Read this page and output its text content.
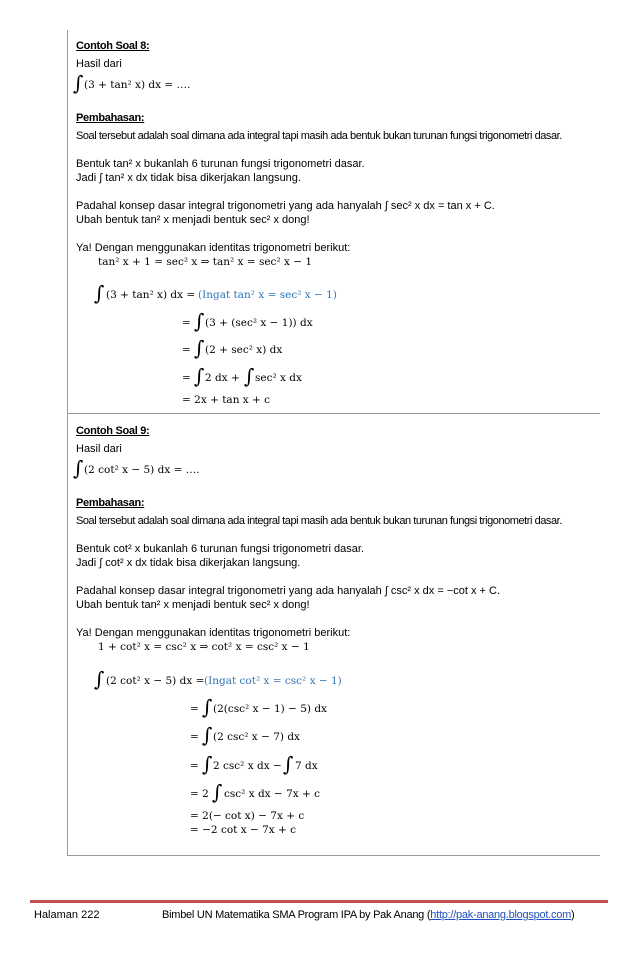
Contoh Soal 8:
Hasil dari
∫ (3 + tan² x) dx = ….
Pembahasan:
Soal tersebut adalah soal dimana ada integral tapi masih ada bentuk bukan turunan fungsi trigonometri dasar.
Bentuk tan² x bukanlah 6 turunan fungsi trigonometri dasar.
Jadi ∫ tan² x dx tidak bisa dikerjakan langsung.
Padahal konsep dasar integral trigonometri yang ada hanyalah ∫ sec² x dx = tan x + C.
Ubah bentuk tan² x menjadi bentuk sec² x dong!
Ya! Dengan menggunakan identitas trigonometri berikut:
tan² x + 1 = sec² x ⇒ tan² x = sec² x − 1
∫ (3 + tan² x) dx = (Ingat tan² x = sec² x − 1)
= ∫ (3 + (sec² x − 1)) dx
= ∫ (2 + sec² x) dx
= ∫ 2 dx + ∫ sec² x dx
= 2x + tan x + c
Contoh Soal 9:
Hasil dari
∫ (2 cot² x − 5) dx = ….
Pembahasan:
Soal tersebut adalah soal dimana ada integral tapi masih ada bentuk bukan turunan fungsi trigonometri dasar.
Bentuk cot² x bukanlah 6 turunan fungsi trigonometri dasar.
Jadi ∫ cot² x dx tidak bisa dikerjakan langsung.
Padahal konsep dasar integral trigonometri yang ada hanyalah ∫ csc² x dx = −cot x + C.
Ubah bentuk tan² x menjadi bentuk sec² x dong!
Ya! Dengan menggunakan identitas trigonometri berikut:
1 + cot² x = csc² x ⇒ cot² x = csc² x − 1
∫ (2 cot² x − 5) dx = (Ingat cot² x = csc² x − 1)
= ∫ (2(csc² x − 1) − 5) dx
= ∫ (2 csc² x − 7) dx
= ∫ 2 csc² x dx − ∫ 7 dx
= 2 ∫ csc² x dx − 7x + c
= 2(− cot x) − 7x + c
= −2 cot x − 7x + c
Halaman 222	Bimbel UN Matematika SMA Program IPA by Pak Anang (http://pak-anang.blogspot.com)
